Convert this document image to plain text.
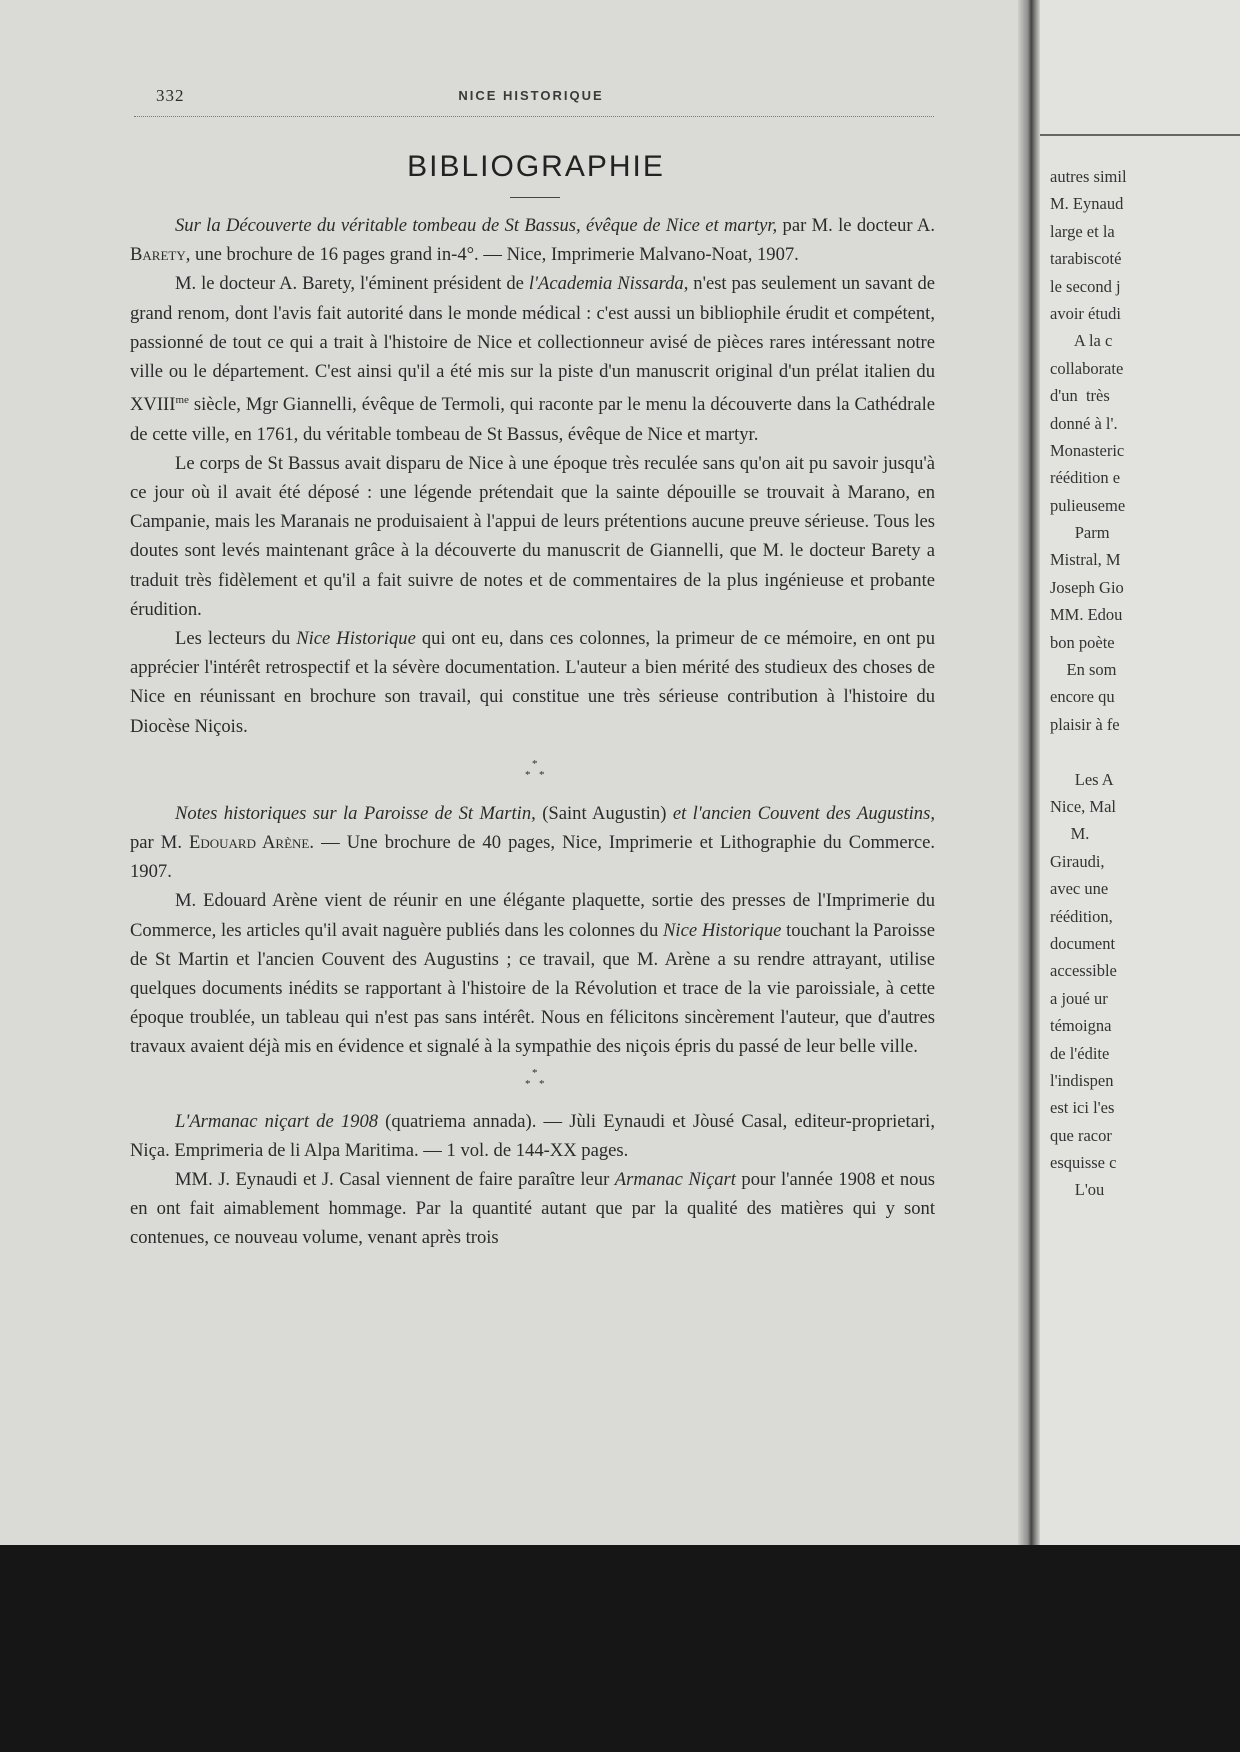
332	NICE HISTORIQUE
BIBLIOGRAPHIE

Sur la Découverte du véritable tombeau de St Bassus, évêque de Nice et martyr, par M. le docteur A. Barety, une brochure de 16 pages grand in-4°. — Nice, Imprimerie Malvano-Noat, 1907.

M. le docteur A. Barety, l'éminent président de l'Academia Nissarda, n'est pas seulement un savant de grand renom, dont l'avis fait autorité dans le monde médical : c'est aussi un bibliophile érudit et compétent, passionné de tout ce qui a trait à l'histoire de Nice et collectionneur avisé de pièces rares intéressant notre ville ou le département. C'est ainsi qu'il a été mis sur la piste d'un manuscrit original d'un prélat italien du $XVIII^{me}$ siècle, Mgr Giannelli, évêque de Termoli, qui raconte par le menu la découverte dans la Cathédrale de cette ville, en 1761, du véritable tombeau de St Bassus, évêque de Nice et martyr.

Le corps de St Bassus avait disparu de Nice à une époque très reculée sans qu'on ait pu savoir jusqu'à ce jour où il avait été déposé : une légende prétendait que la sainte dépouille se trouvait à Marano, en Campanie, mais les Maranais ne produisaient à l'appui de leurs prétentions aucune preuve sérieuse. Tous les doutes sont levés maintenant grâce à la découverte du manuscrit de Giannelli, que M. le docteur Barety a traduit très fidèlement et qu'il a fait suivre de notes et de commentaires de la plus ingénieuse et probante érudition.

Les lecteurs du Nice Historique qui ont eu, dans ces colonnes, la primeur de ce mémoire, en ont pu apprécier l'intérêt retrospectif et la sévère documentation. L'auteur a bien mérité des studieux des choses de Nice en réunissant en brochure son travail, qui constitue une très sérieuse contribution à l'histoire du Diocèse Niçois.

*
* *

Notes historiques sur la Paroisse de St Martin, (Saint Augustin) et l'ancien Couvent des Augustins, par M. Edouard Arène. — Une brochure de 40 pages, Nice, Imprimerie et Lithographie du Commerce. 1907.

M. Edouard Arène vient de réunir en une élégante plaquette, sortie des presses de l'Imprimerie du Commerce, les articles qu'il avait naguère publiés dans les colonnes du Nice Historique touchant la Paroisse de St Martin et l'ancien Couvent des Augustins ; ce travail, que M. Arène a su rendre attrayant, utilise quelques documents inédits se rapportant à l'histoire de la Révolution et trace de la vie paroissiale, à cette époque troublée, un tableau qui n'est pas sans intérêt. Nous en félicitons sincèrement l'auteur, que d'autres travaux avaient déjà mis en évidence et signalé à la sympathie des niçois épris du passé de leur belle ville.

*
* *

L'Armanac niçart de 1908 (quatriema annada). — Jùli Eynaudi et Jòusé Casal, editeur-proprietari, Niça. Emprimeria de li Alpa Maritima. — 1 vol. de 144-XX pages.

MM. J. Eynaudi et J. Casal viennent de faire paraître leur Armanac Niçart pour l'année 1908 et nous en ont fait aimablement hommage. Par la quantité autant que par la qualité des matières qui y sont contenues, ce nouveau volume, venant après trois

autres simil
M. Eynaud
large et la
tarabiscoté
le second j
avoir étudi
A la c
collaborate
d'un  très
donné à l'.
Monasteric
réédition e
pulieuseme
Parm
Mistral, M
Joseph Gio
MM. Edou
bon poète
En som
encore qu
plaisir à fe
Les A
Nice, Mal
M.
Giraudi,
avec une
réédition,
document
accessible
a joué ur
témoigna
de l'édite
l'indispen
est ici l'es
que racor
esquisse c
L'ou
